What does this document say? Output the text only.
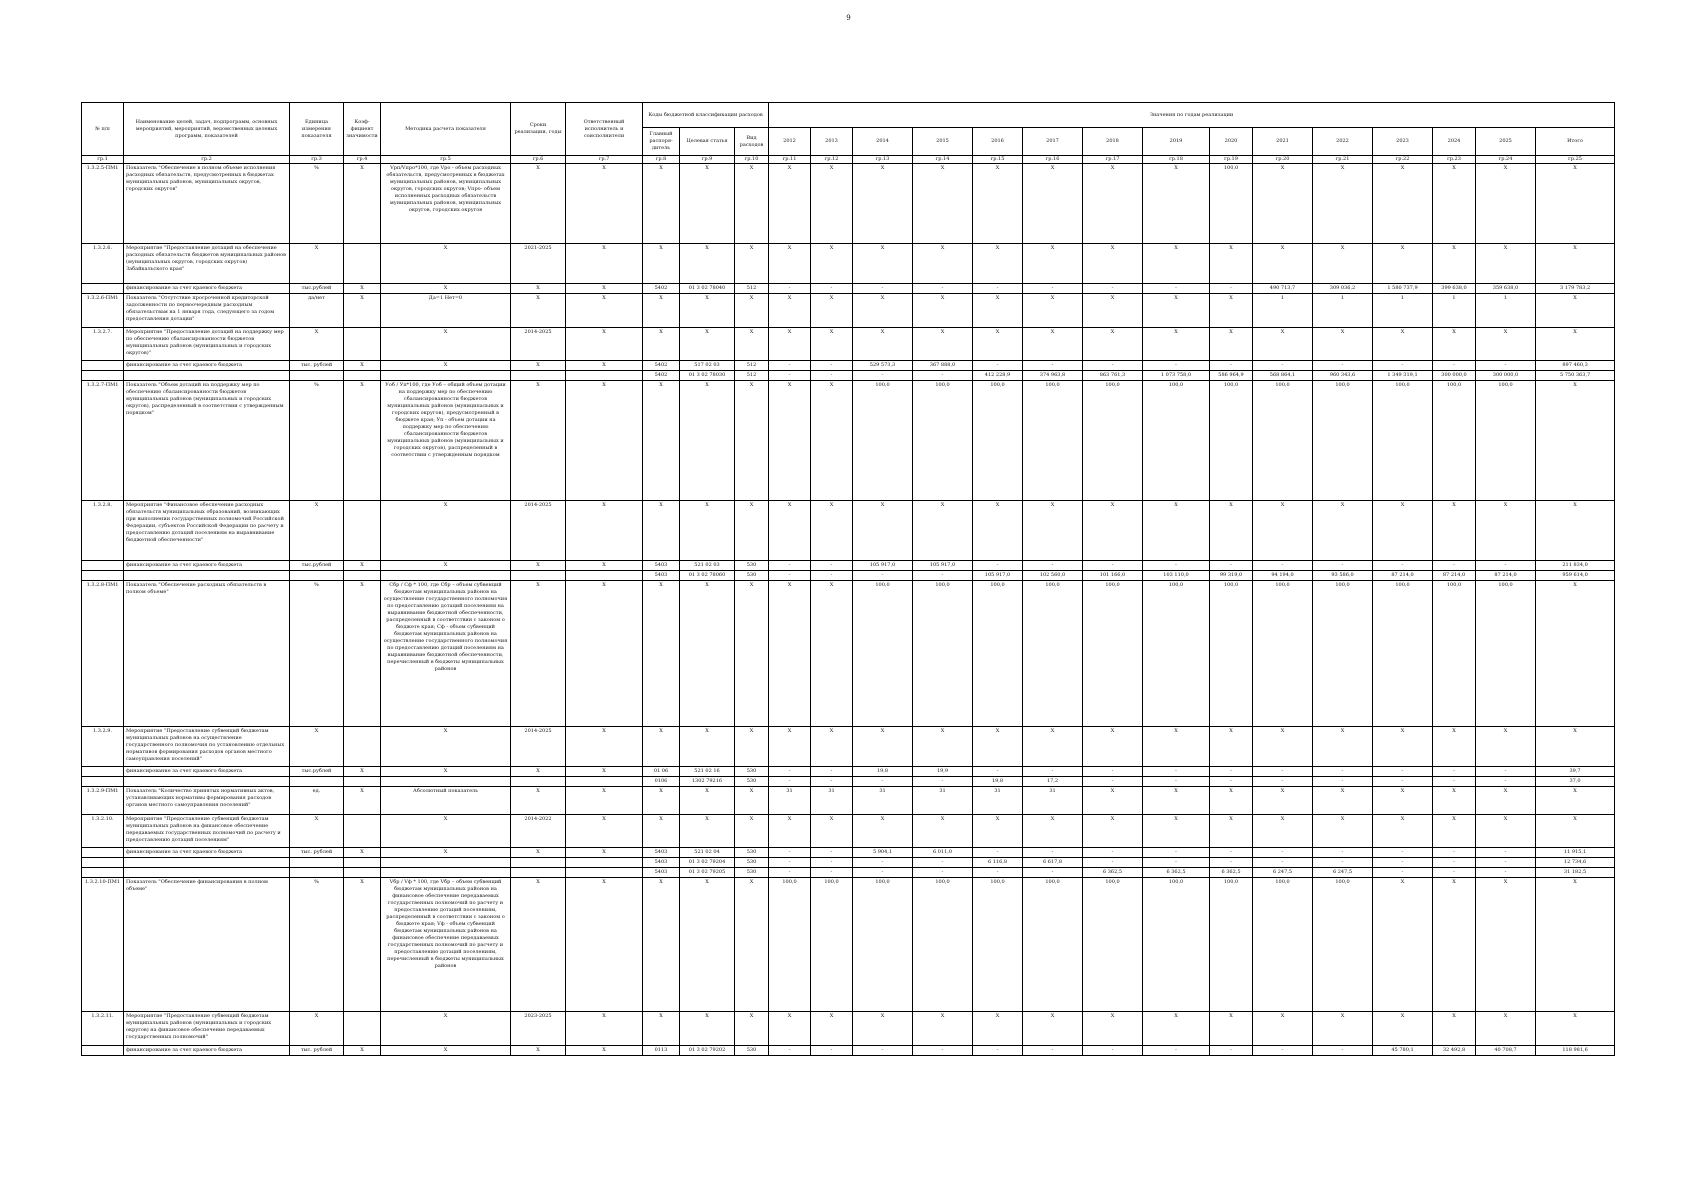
9
№ п/п	Наименование целей, задач, подпрограмм, основных мероприятий, мероприятий, ведомственных целевых программ, показателей	Единица измерения показателя	Коэф- фициент значимости	Методика расчета показателя	Сроки реализации, годы	Ответственный исполнитель и соисполнители	Коды бюджетной классификации расходов			Значения по годам реализации														
							Главный распоря- дитель	Целевая статья	Вид расходов	2012	2013	2014	2015	2016	2017	2018	2019	2020	2021	2022	2023	2024	2025	Итого
гр.1	гр.2	гр.3	гр.4	гр.5	гр.6	гр.7	гр.8	гр.9	гр.10	гр.11	гр.12	гр.13	гр.14	гр.15	гр.16	гр.17	гр.18	гр.19	гр.20	гр.21	гр.22	гр.23	гр.24	гр.25
1.3.2.5-ПМ1	Показатель "Обеспечение в полном объеме исполнения расходных обязательств, предусмотренных в бюджетах муниципальных районов, муниципальных округов, городских округов"	%	X	Vрп/Vпрo*100, где Vро - объем расходных обязательств, предусмотренных в бюджетах муниципальных районов, муниципальных округов, городских округов; Vпро- объем исполненных расходных обязательств муниципальных районов, муниципальных округов, городских округов	X	X	X	X	X	X	X	X	X	X	X	X	X	100,0	X	X	X	X	X	X
1.3.2.6.	Мероприятие "Предоставление дотаций на обеспечение расходных обязательств бюджетов муниципальных районов (муниципальных округов, городских округов) Забайкальского края"	X		X	2021-2025	X	X	X	X	X	X	X	X	X	X	X	X	X	X	X	X	X	X	X
	финансирование за счет краевого бюджета	тыс.рублей	X	X	X	X	5402	01 3 02 78040	512	-	-	-	-	-	-	-	-	-	490 713,7	309 036,2	1 580 737,9	399 638,0	359 638,0	3 179 783,2
1.3.2.6-ПМ1	Показатель "Отсутствие просроченной кредиторской задолженности по первоочередным расходным обязательствам на 1 января года, следующего за годом предоставления дотации"	да/нет	X	Да=1 Нет=0	X	X	X	X	X	X	X	X	X	X	X	X	X	X	1	1	1	1	1	X
1.3.2.7.	Мероприятие "Предоставление дотаций на поддержку мер по обеспечению сбалансированности бюджетов муниципальных районов (муниципальных и городских округов)"	X		X	2014-2025	X	X	X	X	X	X	X	X	X	X	X	X	X	X	X	X	X	X	X
	финансирование за счет краевого бюджета	тыс. рублей	X	X	X	X	5402	517 02 03	512	-	-	529 573,3	367 888,0	-	-	-	-	-	-	-	-	-	-	897 460,3
							5402	01 3 02 78030	512	-	-	-	-	412 228,9	374 963,8	863 761,3	1 073 758,0	586 964,9	568 864,1	960 343,6	1 349 319,1	300 000,0	300 000,0	5 750 363,7
1.3.2.7-ПМ1	Показатель "Объем дотаций на поддержку мер по обеспечению сбалансированности бюджетов муниципальных районов (муниципальных и городских округов), распределенный в соответствии с утвержденным порядком"	%	X	Уоб / Уп*100, где Уоб – общий объем дотации на поддержку мер по обеспечению сбалансированности бюджетов муниципальных районов (муниципальных и городских округов), предусмотренный в бюджете края; Уп - объем дотации на поддержку мер по обеспечению сбалансированности бюджетов муниципальных районов (муниципальных и городских округов), распределенный в соответствии с утвержденным порядком	X	X	X	X	X	X	X	100,0	100,0	100,0	100,0	100,0	100,0	100,0	100,0	100,0	100,0	100,0	100,0	X
1.3.2.8.	Мероприятие "Финансовое обеспечение расходных обязательств муниципальных образований, возникающих при выполнении государственных полномочий Российской Федерации, субъектов Российской Федерации по расчету и предоставлению дотаций поселениям на выравнивание бюджетной обеспеченности"	X		X	2014-2025	X	X	X	X	X	X	X	X	X	X	X	X	X	X	X	X	X	X	X
	финансирование за счет краевого бюджета	тыс.рублей	X	X	X	X	5403	521 02 03	530	-	-	105 917,0	105 917,0	-	-	-	-	-	-	-	-	-	-	211 834,0
							5403	01 3 02 78060	530	-	-	-	-	105 917,0	102 560,0	101 166,0	103 110,0	99 319,0	94 194,0	93 586,0	87 214,0	87 214,0	87 214,0	959 614,0
1.3.2.8-ПМ1	Показатель "Обеспечение расходных обязательств в полном объеме"	%	X	Сбр / Сф * 100, где Сбр – объем субвенций бюджетам муниципальных районов на осуществление государственного полномочия по предоставлению дотаций поселениям на выравнивание бюджетной обеспеченности, распределенный в соответствии с законом о бюджете края; Сф - объем субвенций бюджетам муниципальных районов на осуществление государственного полномочия по предоставлению дотаций поселениям на выравнивание бюджетной обеспеченности, перечисленный в бюджеты муниципальных районов	X	X	X	X	X	X	X	100,0	100,0	100,0	100,0	100,0	100,0	100,0	100,0	100,0	100,0	100,0	100,0	X
1.3.2.9.	Мероприятие "Предоставление субвенций бюджетам муниципальных районов на осуществление государственного полномочия по установлению отдельных нормативов формирования расходов органов местного самоуправления поселений"	X		X	2014-2025	X	X	X	X	X	X	X	X	X	X	X	X	X	X	X	X	X	X	X
	финансирование за счет краевого бюджета	тыс.рублей	X	X	X	X	01 06	521 02 16	530	-	-	19,8	19,9	-	-	-	-	-	-	-	-	-	-	39,7
							0106	1302 79216	530	-	-	-	-	19,8	17,2	-	-	-	-	-	-	-	-	37,0
1.3.2.9-ПМ1	Показатель "Количество принятых нормативных актов, устанавливающих нормативы формирования расходов органов местного самоуправления поселений"	ед.	X	Абсолютный показатель	X	X	X	X	X	31	31	31	31	31	31	X	X	X	X	X	X	X	X	X
1.3.2.10.	Мероприятие "Предоставление субвенций бюджетам муниципальных районов на финансовое обеспечение передаваемых государственных полномочий по расчету и предоставлению дотаций поселениям"	X		X	2014-2022	X	X	X	X	X	X	X	X	X	X	X	X	X	X	X	X	X	X	X
	финансирование за счет краевого бюджета	тыс. рублей	X	X	X	X	5403	521 02 04	530	-	-	5 904,1	6 011,0	-	-	-	-	-	-	-	-	-	-	11 915,1
							5403	01 3 02 79204	530	-	-	-	-	6 116,8	6 617,8	-	-	-	-	-	-	-	-	12 734,6
							5403	01 3 02 79205	530	-	-	-	-	-	-	6 362,5	6 362,5	6 362,5	6 247,5	6 247,5	-	-	-	31 182,5
1.3.2.10-ПМ1	Показатель "Обеспечение финансирования в полном объеме"	%	X	Vбр / Vф * 100, где Vбр – объем субвенций бюджетам муниципальных районов на финансовое обеспечение передаваемых государственных полномочий по расчету и предоставлению дотаций поселениям, распределенный в соответствии с законом о бюджете края; Vф - объем субвенций бюджетам муниципальных районов на финансовое обеспечение передаваемых государственных полномочий по расчету и предоставлению дотаций поселениям, перечисленный в бюджеты муниципальных районов	X	X	X	X	X	100,0	100,0	100,0	100,0	100,0	100,0	100,0	100,0	100,0	100,0	100,0	X	X	X	X
1.3.2.11.	Мероприятие "Предоставление субвенций бюджетам муниципальных районов (муниципальных и городских округов) на финансовое обеспечение передаваемых государственных полномочий"	X		X	2023-2025	X	X	X	X	X	X	X	X	X	X	X	X	X	X	X	X	X	X	X
	финансирование за счет краевого бюджета	тыс. рублей	X	X	X	X	0113	01 3 02 79202	530	-	-	-	-	-	-	-	-	-	-	-	45 780,1	32 492,8	40 708,7	118 981,6
